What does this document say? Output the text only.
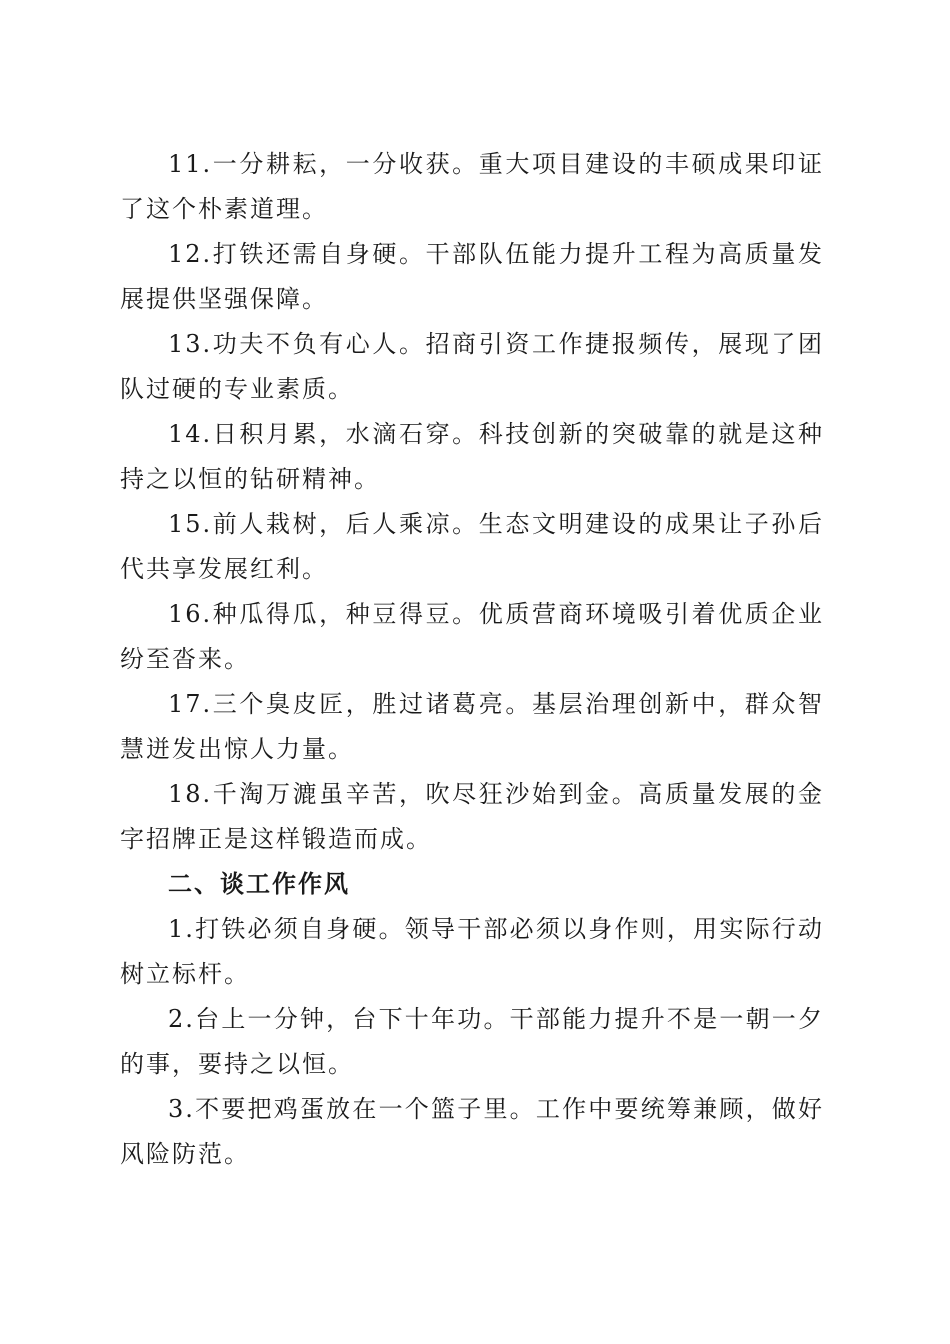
11.一分耕耘，一分收获。重大项目建设的丰硕成果印证了这个朴素道理。

12.打铁还需自身硬。干部队伍能力提升工程为高质量发展提供坚强保障。

13.功夫不负有心人。招商引资工作捷报频传，展现了团队过硬的专业素质。

14.日积月累，水滴石穿。科技创新的突破靠的就是这种持之以恒的钻研精神。

15.前人栽树，后人乘凉。生态文明建设的成果让子孙后代共享发展红利。

16.种瓜得瓜，种豆得豆。优质营商环境吸引着优质企业纷至沓来。

17.三个臭皮匠，胜过诸葛亮。基层治理创新中，群众智慧迸发出惊人力量。

18.千淘万漉虽辛苦，吹尽狂沙始到金。高质量发展的金字招牌正是这样锻造而成。

二、谈工作作风

1.打铁必须自身硬。领导干部必须以身作则，用实际行动树立标杆。

2.台上一分钟，台下十年功。干部能力提升不是一朝一夕的事，要持之以恒。

3.不要把鸡蛋放在一个篮子里。工作中要统筹兼顾，做好风险防范。
